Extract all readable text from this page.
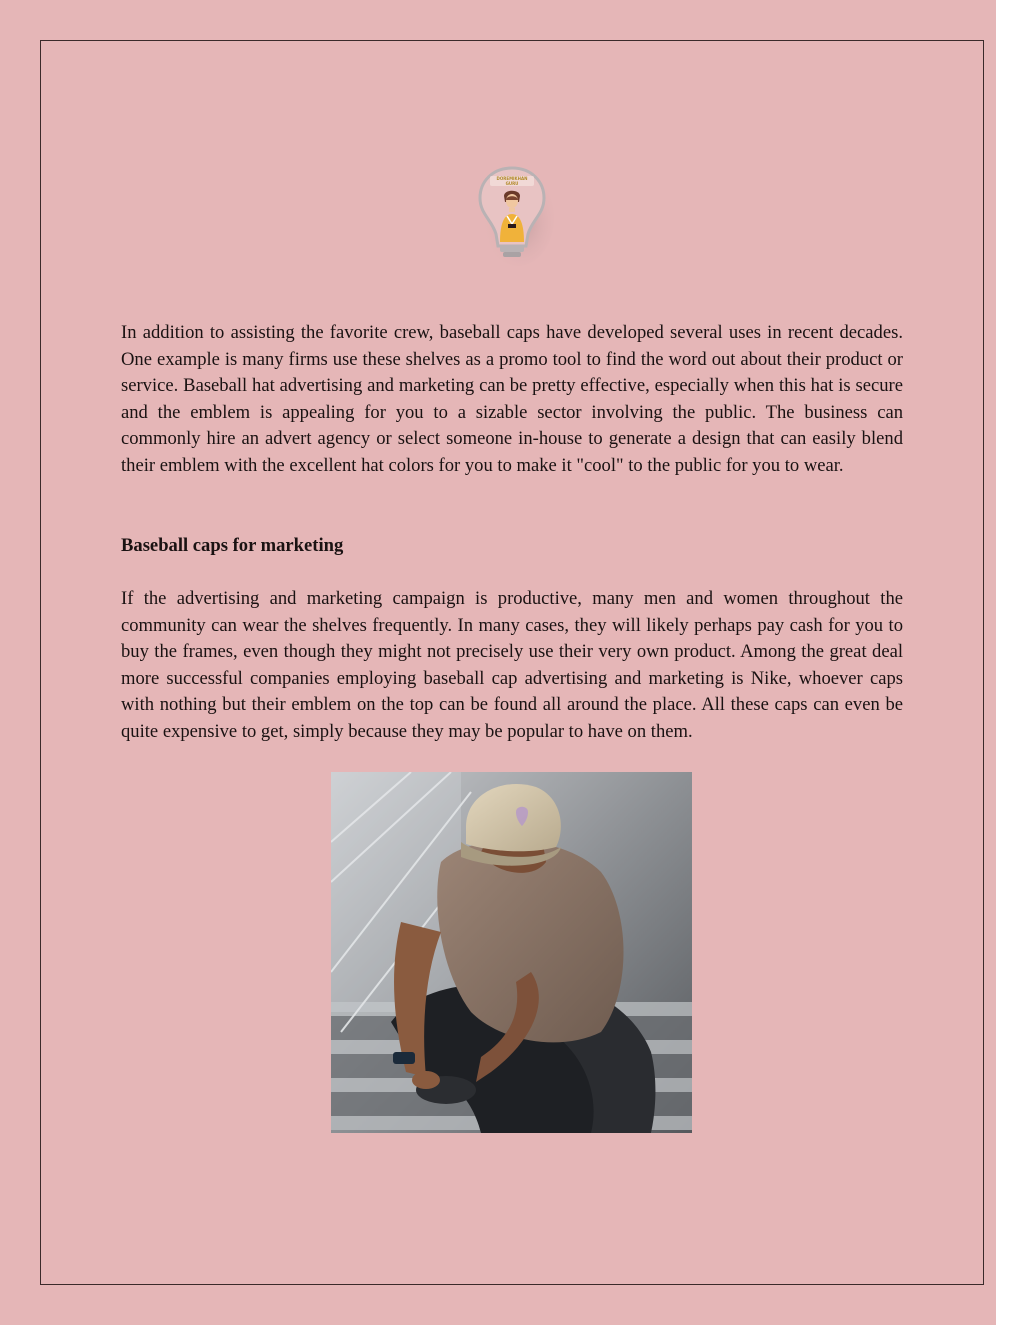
DOREMIKHAN
GURU

In addition to assisting the favorite crew, baseball caps have developed several uses in recent decades. One example is many firms use these shelves as a promo tool to find the word out about their product or service. Baseball hat advertising and marketing can be pretty effective, especially when this hat is secure and the emblem is appealing for you to a sizable sector involving the public. The business can commonly hire an advert agency or select someone in-house to generate a design that can easily blend their emblem with the excellent hat colors for you to make it "cool" to the public for you to wear.

Baseball caps for marketing

If the advertising and marketing campaign is productive, many men and women throughout the community can wear the shelves frequently. In many cases, they will likely perhaps pay cash for you to buy the frames, even though they might not precisely use their very own product. Among the great deal more successful companies employing baseball cap advertising and marketing is Nike, whoever caps with nothing but their emblem on the top can be found all around the place. All these caps can even be quite expensive to get, simply because they may be popular to have on them.
